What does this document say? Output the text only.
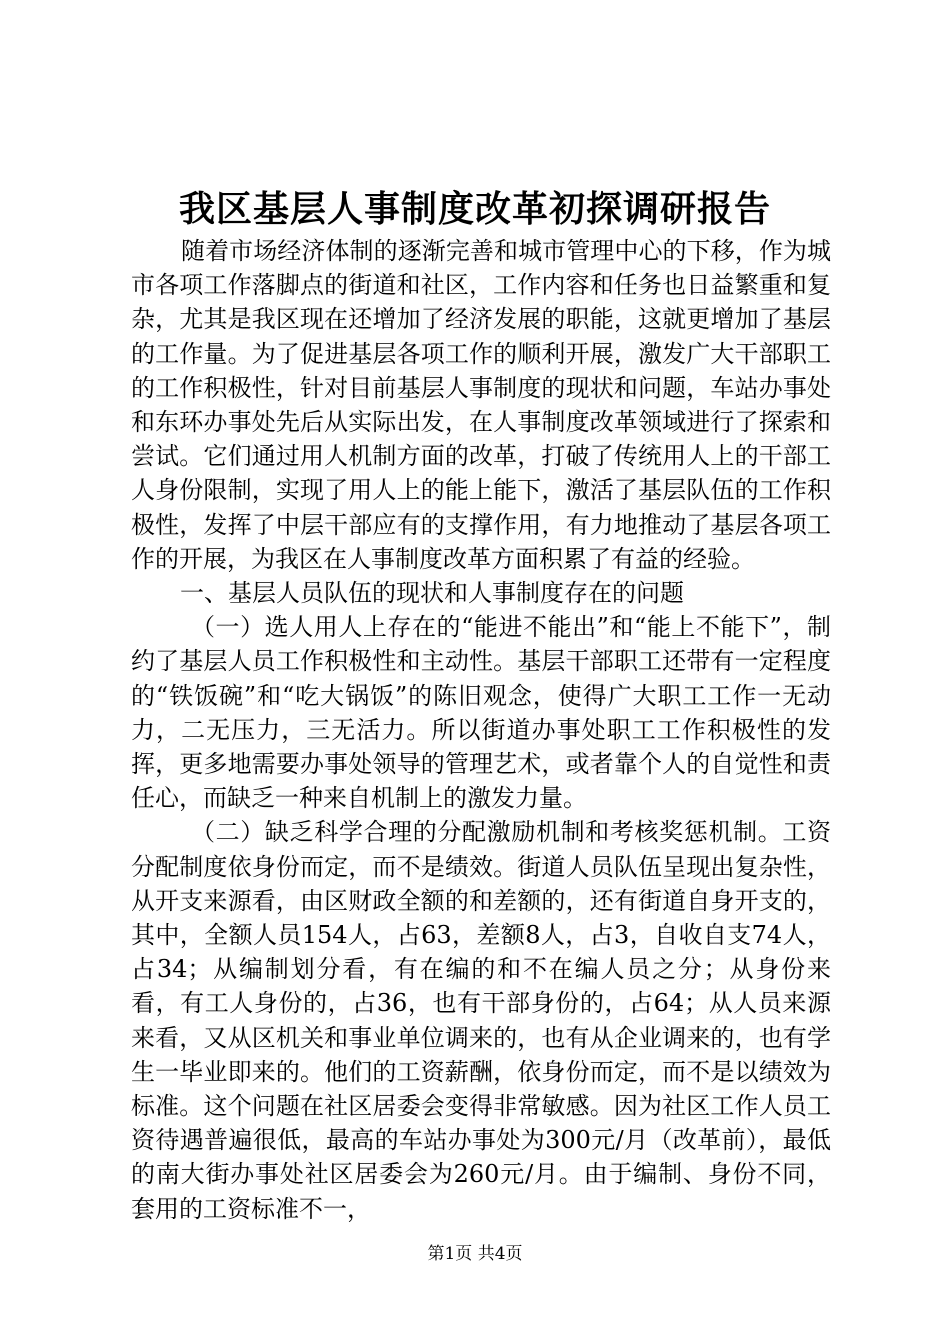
我区基层人事制度改革初探调研报告

随着市场经济体制的逐渐完善和城市管理中心的下移，作为城市各项工作落脚点的街道和社区，工作内容和任务也日益繁重和复杂，尤其是我区现在还增加了经济发展的职能，这就更增加了基层的工作量。为了促进基层各项工作的顺利开展，激发广大干部职工的工作积极性，针对目前基层人事制度的现状和问题，车站办事处和东环办事处先后从实际出发，在人事制度改革领域进行了探索和尝试。它们通过用人机制方面的改革，打破了传统用人上的干部工人身份限制，实现了用人上的能上能下，激活了基层队伍的工作积极性，发挥了中层干部应有的支撑作用，有力地推动了基层各项工作的开展，为我区在人事制度改革方面积累了有益的经验。

一、基层人员队伍的现状和人事制度存在的问题

（一）选人用人上存在的“能进不能出”和“能上不能下”，制约了基层人员工作积极性和主动性。基层干部职工还带有一定程度的“铁饭碗”和“吃大锅饭”的陈旧观念，使得广大职工工作一无动力，二无压力，三无活力。所以街道办事处职工工作积极性的发挥，更多地需要办事处领导的管理艺术，或者靠个人的自觉性和责任心，而缺乏一种来自机制上的激发力量。

（二）缺乏科学合理的分配激励机制和考核奖惩机制。工资分配制度依身份而定，而不是绩效。街道人员队伍呈现出复杂性，从开支来源看，由区财政全额的和差额的，还有街道自身开支的，其中，全额人员154人，占63，差额8人，占3，自收自支74人，占34；从编制划分看，有在编的和不在编人员之分；从身份来看，有工人身份的，占36，也有干部身份的，占64；从人员来源来看，又从区机关和事业单位调来的，也有从企业调来的，也有学生一毕业即来的。他们的工资薪酬，依身份而定，而不是以绩效为标准。这个问题在社区居委会变得非常敏感。因为社区工作人员工资待遇普遍很低，最高的车站办事处为300元/月（改革前），最低的南大街办事处社区居委会为260元/月。由于编制、身份不同，套用的工资标准不一，

第1页 共4页
